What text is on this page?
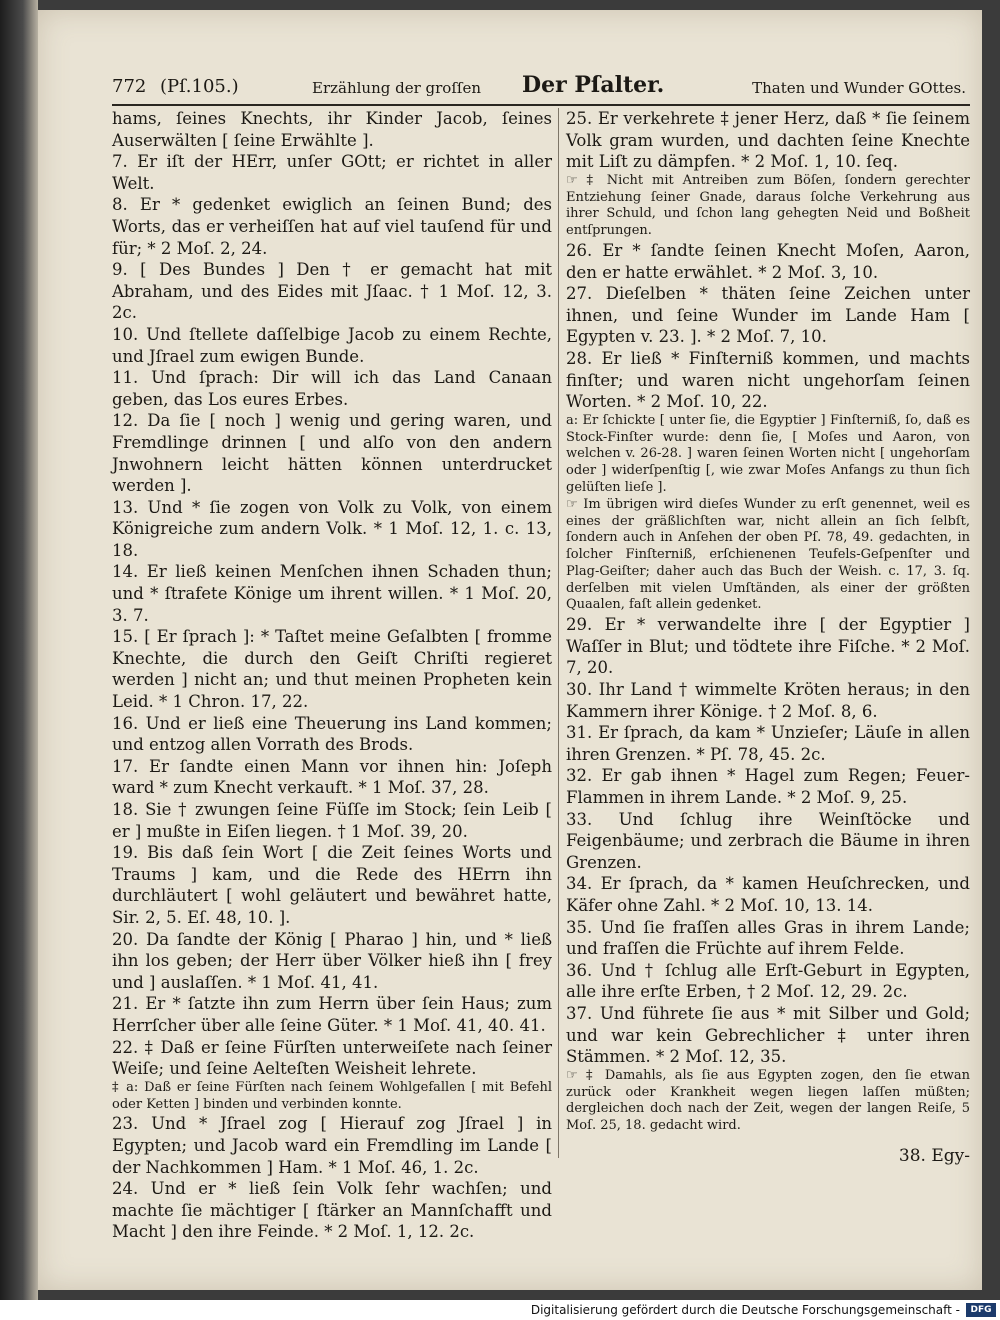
772 (Pſ.105.)	Erzählung der groſſen Der Pſalter.	Thaten und Wunder GOttes.

hams, ſeines Knechts, ihr Kinder Jacob, ſeines Auserwälten [ ſeine Erwählte ].

7. Er iſt der HErr, unſer GOtt; er richtet in aller Welt.

8. Er * gedenket ewiglich an ſeinen Bund; des Worts, das er verheiſſen hat auf viel tauſend für und für; * 2 Moſ. 2, 24.

9. [ Des Bundes ] Den † er gemacht hat mit Abraham, und des Eides mit Jſaac. † 1 Moſ. 12, 3. 2c.

10. Und ſtellete daſſelbige Jacob zu einem Rechte, und Jſrael zum ewigen Bunde.

11. Und ſprach: Dir will ich das Land Canaan geben, das Los eures Erbes.

12. Da ſie [ noch ] wenig und gering waren, und Fremdlinge drinnen [ und alſo von den andern Jnwohnern leicht hätten können unterdrucket werden ].

13. Und * ſie zogen von Volk zu Volk, von einem Königreiche zum andern Volk. * 1 Moſ. 12, 1. c. 13, 18.

14. Er ließ keinen Menſchen ihnen Schaden thun; und * ſtrafete Könige um ihrent willen. * 1 Moſ. 20, 3. 7.

15. [ Er ſprach ]: * Taſtet meine Geſalbten [ fromme Knechte, die durch den Geiſt Chriſti regieret werden ] nicht an; und thut meinen Propheten kein Leid. * 1 Chron. 17, 22.

16. Und er ließ eine Theuerung ins Land kommen; und entzog allen Vorrath des Brods.

17. Er ſandte einen Mann vor ihnen hin: Joſeph ward * zum Knecht verkauft. * 1 Moſ. 37, 28.

18. Sie † zwungen ſeine Füſſe im Stock; ſein Leib [ er ] mußte in Eiſen liegen. † 1 Moſ. 39, 20.

19. Bis daß ſein Wort [ die Zeit ſeines Worts und Traums ] kam, und die Rede des HErrn ihn durchläutert [ wohl geläutert und bewähret hatte, Sir. 2, 5. Eſ. 48, 10. ].

20. Da ſandte der König [ Pharao ] hin, und * ließ ihn los geben; der Herr über Völker hieß ihn [ frey und ] auslaſſen. * 1 Moſ. 41, 41.

21. Er * ſatzte ihn zum Herrn über ſein Haus; zum Herrſcher über alle ſeine Güter. * 1 Moſ. 41, 40. 41.

22. ‡ Daß er ſeine Fürſten unterweiſete nach ſeiner Weiſe; und ſeine Aelteſten Weisheit lehrete.

‡ a: Daß er ſeine Fürſten nach ſeinem Wohlgefallen [ mit Befehl oder Ketten ] binden und verbinden konnte.

23. Und * Jſrael zog [ Hierauf zog Jſrael ] in Egypten; und Jacob ward ein Fremdling im Lande [ der Nachkommen ] Ham. * 1 Moſ. 46, 1. 2c.

24. Und er * ließ ſein Volk ſehr wachſen; und machte ſie mächtiger [ ſtärker an Mannſchafft und Macht ] den ihre Feinde. * 2 Moſ. 1, 12. 2c.

25. Er verkehrete ‡ jener Herz, daß * ſie ſeinem Volk gram wurden, und dachten ſeine Knechte mit Liſt zu dämpfen. * 2 Moſ. 1, 10. ſeq.

☞ ‡ Nicht mit Antreiben zum Böſen, ſondern gerechter Entziehung ſeiner Gnade, daraus ſolche Verkehrung aus ihrer Schuld, und ſchon lang gehegten Neid und Boßheit entſprungen.

26. Er * ſandte ſeinen Knecht Moſen, Aaron, den er hatte erwählet. * 2 Moſ. 3, 10.

27. Dieſelben * thäten ſeine Zeichen unter ihnen, und ſeine Wunder im Lande Ham [ Egypten v. 23. ]. * 2 Moſ. 7, 10.

28. Er ließ * Finſterniß kommen, und machts finſter; und waren nicht ungehorſam ſeinen Worten. * 2 Moſ. 10, 22.

a: Er ſchickte [ unter ſie, die Egyptier ] Finſterniß, ſo, daß es Stock-Finſter wurde: denn ſie, [ Moſes und Aaron, von welchen v. 26-28. ] waren ſeinen Worten nicht [ ungehorſam oder ] widerſpenſtig [, wie zwar Moſes Anfangs zu thun ſich gelüſten lieſe ].

☞ Im übrigen wird dieſes Wunder zu erſt genennet, weil es eines der gräßlichſten war, nicht allein an ſich ſelbſt, ſondern auch in Anſehen der oben Pſ. 78, 49. gedachten, in ſolcher Finſterniß, erſchienenen Teufels-Geſpenſter und Plag-Geiſter; daher auch das Buch der Weish. c. 17, 3. ſq. derſelben mit vielen Umſtänden, als einer der größten Quaalen, faſt allein gedenket.

29. Er * verwandelte ihre [ der Egyptier ] Waſſer in Blut; und tödtete ihre Fiſche. * 2 Moſ. 7, 20.

30. Ihr Land † wimmelte Kröten heraus; in den Kammern ihrer Könige. † 2 Moſ. 8, 6.

31. Er ſprach, da kam * Unzieſer; Läuſe in allen ihren Grenzen. * Pſ. 78, 45. 2c.

32. Er gab ihnen * Hagel zum Regen; Feuer-Flammen in ihrem Lande. * 2 Moſ. 9, 25.

33. Und ſchlug ihre Weinſtöcke und Feigenbäume; und zerbrach die Bäume in ihren Grenzen.

34. Er ſprach, da * kamen Heuſchrecken, und Käfer ohne Zahl. * 2 Moſ. 10, 13. 14.

35. Und ſie fraſſen alles Gras in ihrem Lande; und fraſſen die Früchte auf ihrem Felde.

36. Und † ſchlug alle Erſt-Geburt in Egypten, alle ihre erſte Erben, † 2 Moſ. 12, 29. 2c.

37. Und führete ſie aus * mit Silber und Gold; und war kein Gebrechlicher ‡ unter ihren Stämmen. * 2 Moſ. 12, 35.

☞ ‡ Damahls, als ſie aus Egypten zogen, den ſie etwan zurück oder Krankheit wegen liegen laſſen müßten; dergleichen doch nach der Zeit, wegen der langen Reiſe, 5 Moſ. 25, 18. gedacht wird.

38. Egy-
Digitalisierung gefördert durch die Deutsche Forschungsgemeinschaft -	DFG
